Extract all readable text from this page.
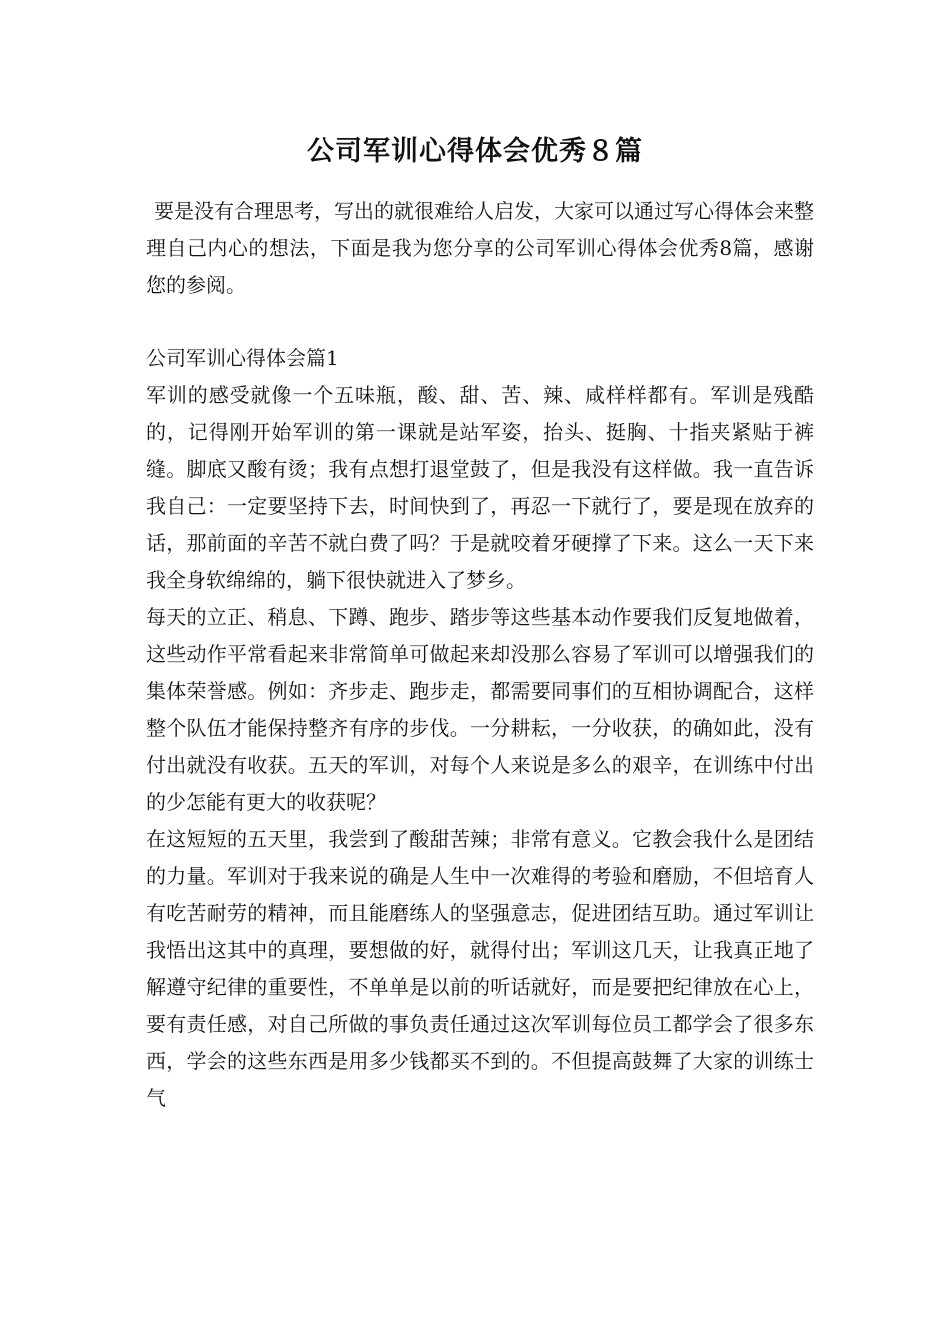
公司军训心得体会优秀８篇
要是没有合理思考，写出的就很难给人启发，大家可以通过写心得体会来整理自己内心的想法，下面是我为您分享的公司军训心得体会优秀8篇，感谢您的参阅。

公司军训心得体会篇1

军训的感受就像一个五味瓶，酸、甜、苦、辣、咸样样都有。军训是残酷的，记得刚开始军训的第一课就是站军姿，抬头、挺胸、十指夹紧贴于裤缝。脚底又酸有烫；我有点想打退堂鼓了，但是我没有这样做。我一直告诉我自己：一定要坚持下去，时间快到了，再忍一下就行了，要是现在放弃的话，那前面的辛苦不就白费了吗？于是就咬着牙硬撑了下来。这么一天下来我全身软绵绵的，躺下很快就进入了梦乡。

每天的立正、稍息、下蹲、跑步、踏步等这些基本动作要我们反复地做着，这些动作平常看起来非常简单可做起来却没那么容易了军训可以增强我们的集体荣誉感。例如：齐步走、跑步走，都需要同事们的互相协调配合，这样整个队伍才能保持整齐有序的步伐。一分耕耘，一分收获，的确如此，没有付出就没有收获。五天的军训，对每个人来说是多么的艰辛，在训练中付出的少怎能有更大的收获呢？

在这短短的五天里，我尝到了酸甜苦辣；非常有意义。它教会我什么是团结的力量。军训对于我来说的确是人生中一次难得的考验和磨励，不但培育人有吃苦耐劳的精神，而且能磨练人的坚强意志，促进团结互助。通过军训让我悟出这其中的真理，要想做的好，就得付出；军训这几天，让我真正地了解遵守纪律的重要性，不单单是以前的听话就好，而是要把纪律放在心上，要有责任感，对自己所做的事负责任通过这次军训每位员工都学会了很多东西，学会的这些东西是用多少钱都买不到的。不但提高鼓舞了大家的训练士气
